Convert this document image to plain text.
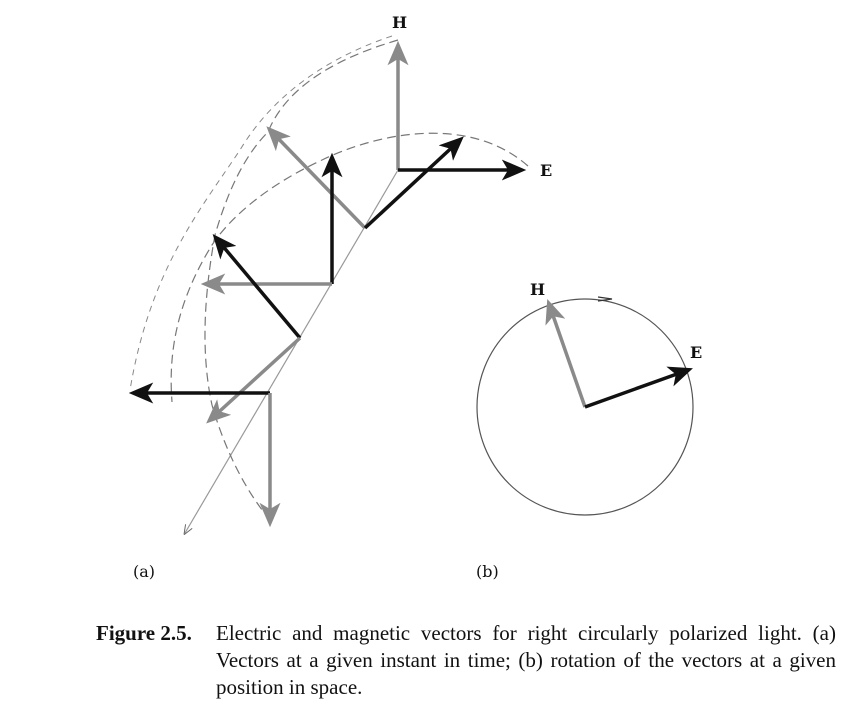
H
E
(a)
H
E
(b)
Figure 2.5. Electric and magnetic vectors for right circularly polarized light. (a) Vectors at a given instant in time; (b) rotation of the vectors at a given position in space.
